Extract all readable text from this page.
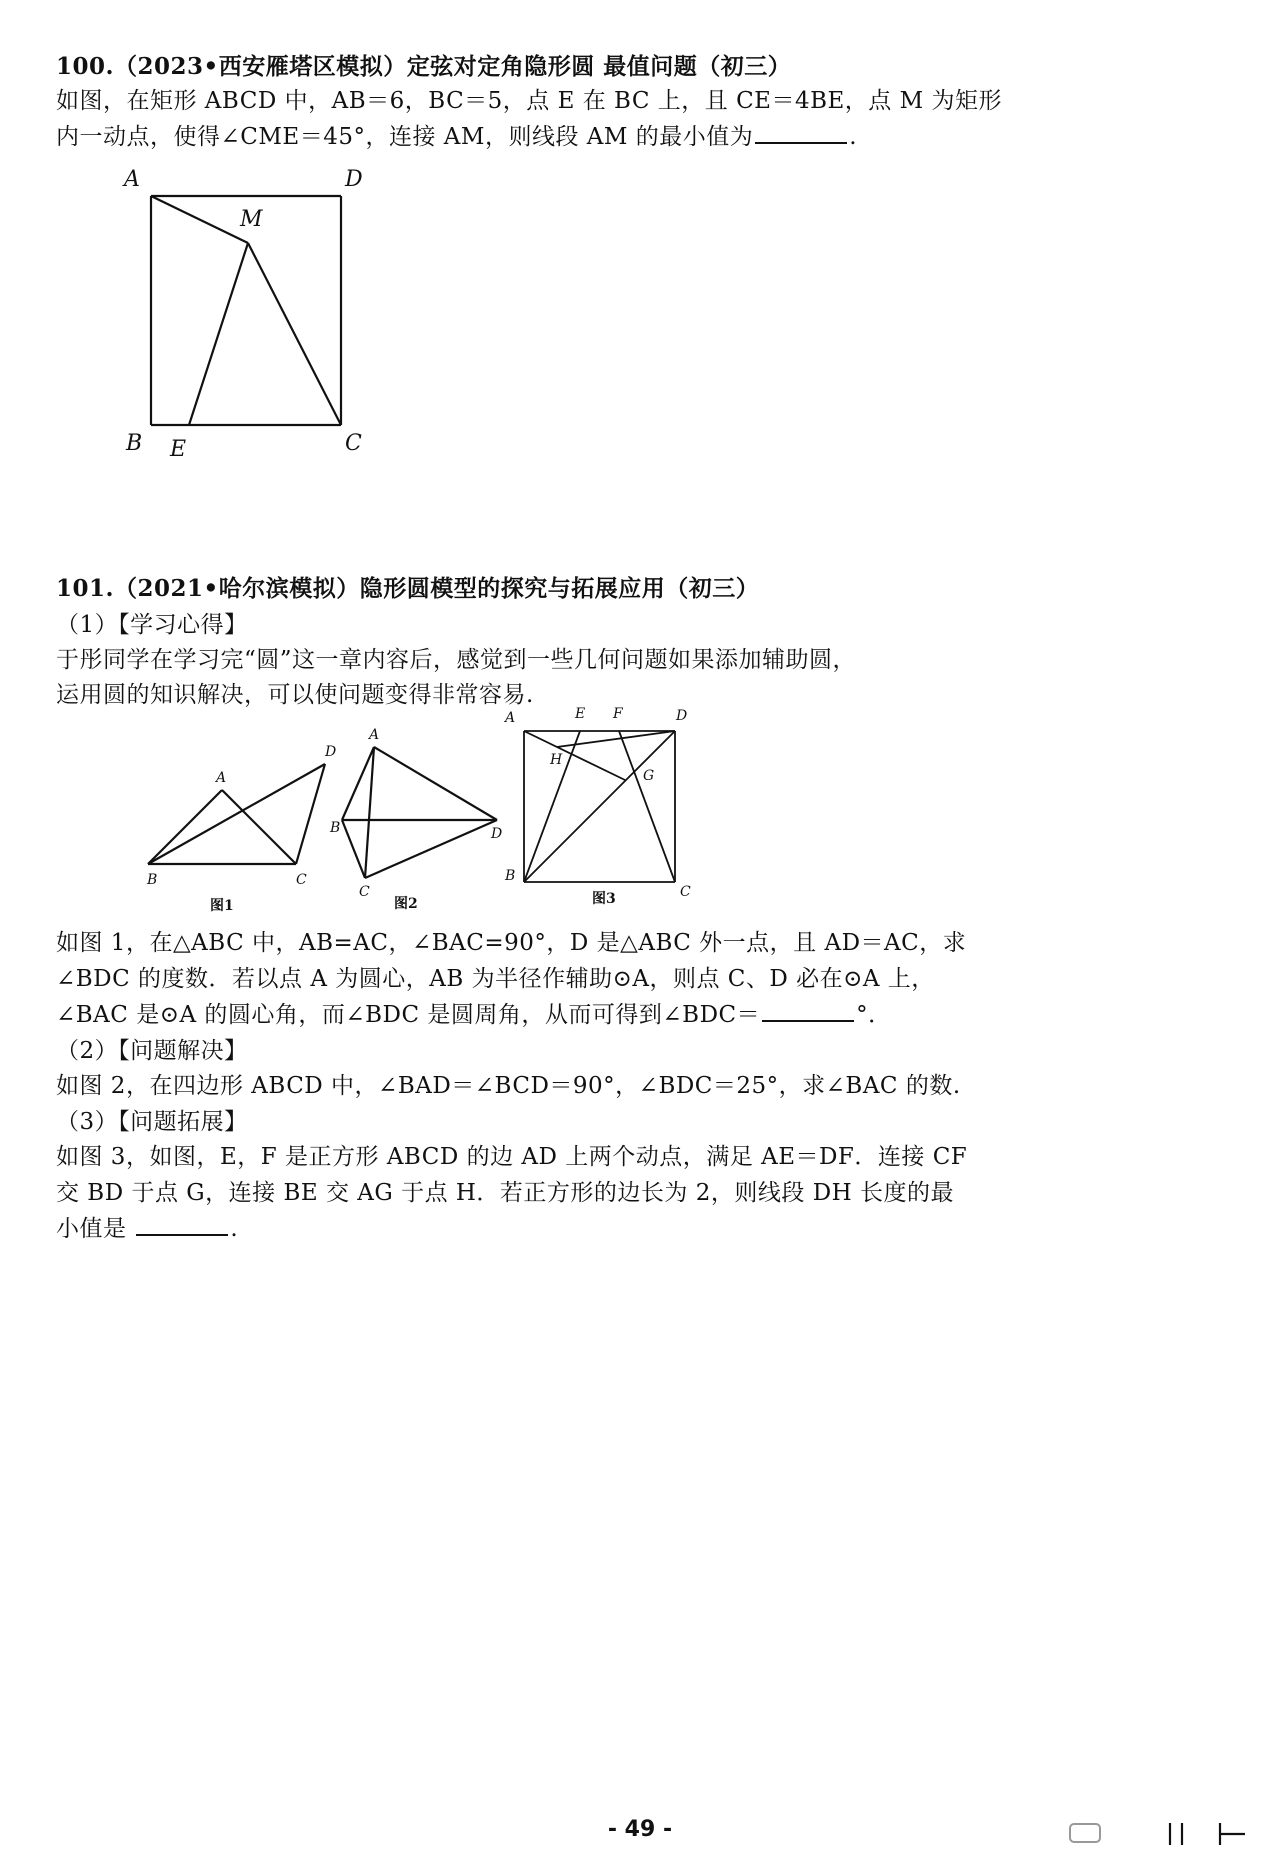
100.（2023•西安雁塔区模拟）定弦对定角隐形圆 最值问题（初三）
如图，在矩形 ABCD 中，AB＝6，BC＝5，点 E 在 BC 上，且 CE＝4BE，点 M 为矩形
内一动点，使得∠CME＝45°，连接 AM，则线段 AM 的最小值为	.
A	D
M
B E	C
101.（2021•哈尔滨模拟）隐形圆模型的探究与拓展应用（初三）
（1）【学习心得】
于彤同学在学习完“圆”这一章内容后，感觉到一些几何问题如果添加辅助圆，
运用圆的知识解决，可以使问题变得非常容易.
A
B	C
D
图1
A
B
C
D
图2
A	E F	D
H
G
B
C
图3
如图 1，在△ABC 中，AB=AC，∠BAC=90°，D 是△ABC 外一点，且 AD＝AC，求
∠BDC 的度数．若以点 A 为圆心，AB 为半径作辅助⊙A，则点 C、D 必在⊙A 上，
∠BAC 是⊙A 的圆心角，而∠BDC 是圆周角，从而可得到∠BDC＝	°．
（2）【问题解决】
如图 2，在四边形 ABCD 中，∠BAD＝∠BCD＝90°，∠BDC＝25°，求∠BAC 的数.
（3）【问题拓展】
如图 3，如图，E，F 是正方形 ABCD 的边 AD 上两个动点，满足 AE＝DF．连接 CF
交 BD 于点 G，连接 BE 交 AG 于点 H．若正方形的边长为 2，则线段 DH 长度的最
小值是	.
- 49 -
